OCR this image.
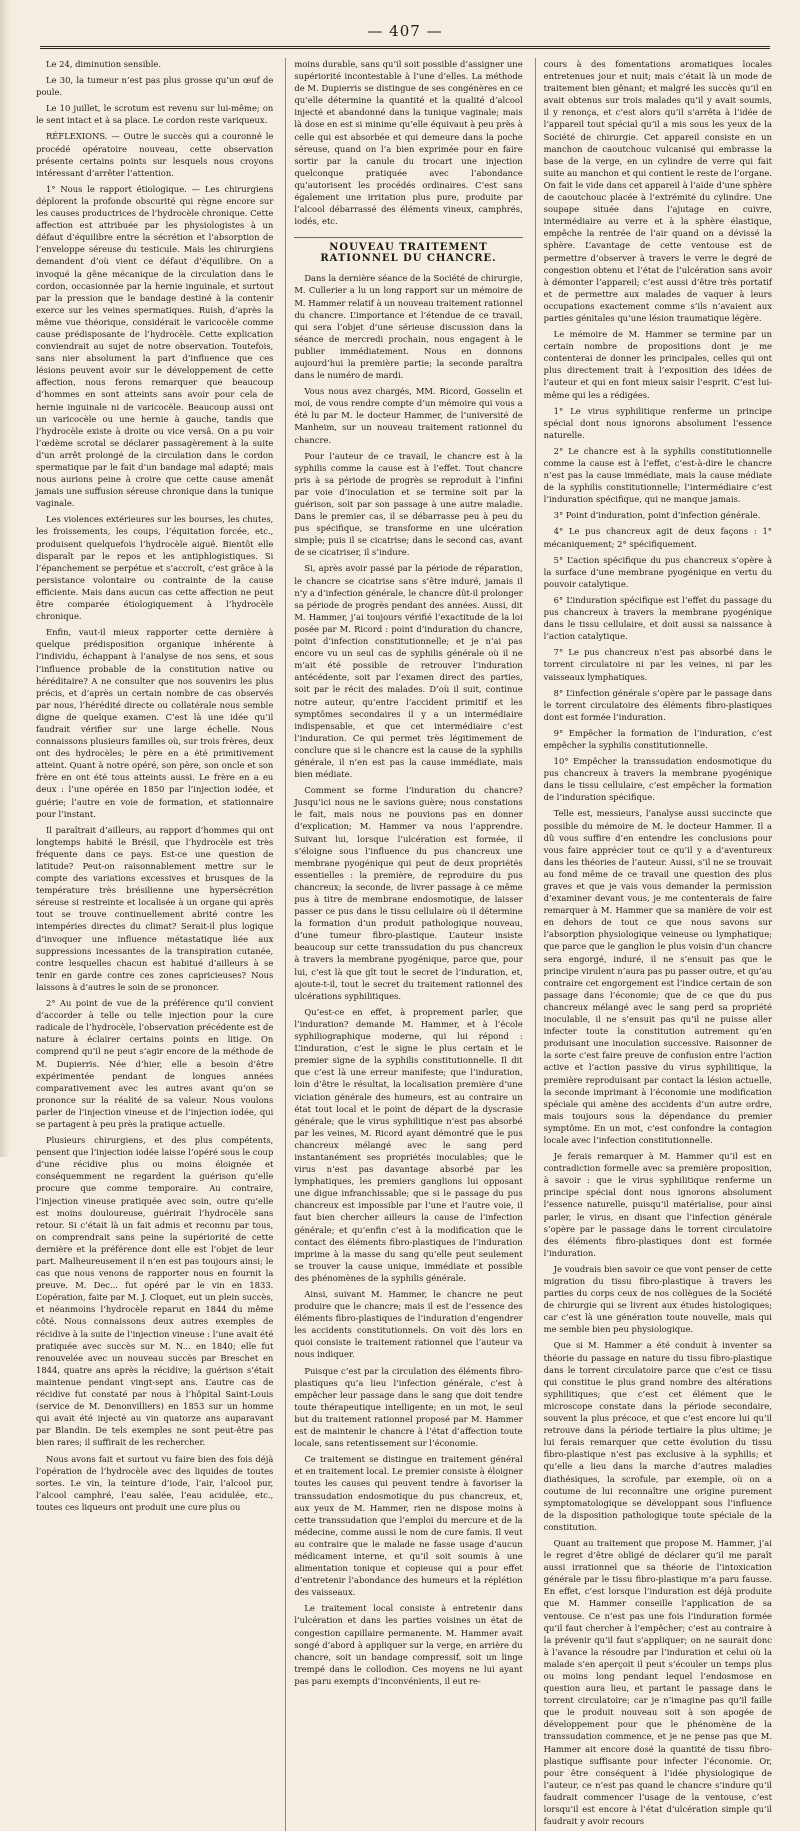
— 407 —

Le 24, diminution sensible.

Le 30, la tumeur n’est pas plus grosse qu’un œuf de poule.

Le 10 juillet, le scrotum est revenu sur lui-même; on le sent intact et à sa place. Le cordon reste variqueux.

RÉFLEXIONS. — Outre le succès qui a couronné le procédé opératoire nouveau, cette observation présente certains points sur lesquels nous croyons intéressant d’arrêter l’attention.

1° Nous le rapport étiologique. — Les chirurgiens déplorent la profonde obscurité qui règne encore sur les causes productrices de l’hydrocèle chronique. Cette affection est attribuée par les physiologistes à un défaut d’équilibre entre la sécrétion et l’absorption de l’enveloppe séreuse du testicule. Mais les chirurgiens demandent d’où vient ce défaut d’équilibre. On a invoqué la gêne mécanique de la circulation dans le cordon, occasionnée par la hernie inguinale, et surtout par la pression que le bandage destiné à la contenir exerce sur les veines spermatiques. Ruish, d’après la même vue théorique, considérait le varicocèle comme cause prédisposante de l’hydrocèle. Cette explication conviendrait au sujet de notre observation. Toutefois, sans nier absolument la part d’influence que ces lésions peuvent avoir sur le développement de cette affection, nous ferons remarquer que beaucoup d’hommes en sont atteints sans avoir pour cela de hernie inguinale ni de varicocèle. Beaucoup aussi ont un varicocèle ou une hernie à gauche, tandis que l’hydrocèle existe à droite ou vice versâ. On a pu voir l’œdème scrotal se déclarer passagèrement à la suite d’un arrêt prolongé de la circulation dans le cordon spermatique par le fait d’un bandage mal adapté; mais nous aurions peine à croire que cette cause amenât jamais une suffusion séreuse chronique dans la tunique vaginale.

Les violences extérieures sur les bourses, les chutes, les froissements, les coups, l’équitation forcée, etc., produisent quelquefois l’hydrocèle aiguë. Bientôt elle disparaît par le repos et les antiphlogistiques. Si l’épanchement se perpétue et s’accroît, c’est grâce à la persistance volontaire ou contrainte de la cause efficiente. Mais dans aucun cas cette affection ne peut être comparée étiologiquement à l’hydrocèle chronique.

Enfin, vaut-il mieux rapporter cette dernière à quelque prédisposition organique inhérente à l’individu, échappant à l’analyse de nos sens, et sous l’influence probable de la constitution native ou héréditaire? A ne consulter que nos souvenirs les plus précis, et d’après un certain nombre de cas observés par nous, l’hérédité directe ou collatérale nous semble digne de quelque examen. C’est là une idée qu’il faudrait vérifier sur une large échelle. Nous connaissons plusieurs familles où, sur trois frères, deux ont des hydrocèles; le père en a été primitivement atteint. Quant à notre opéré, son père, son oncle et son frère en ont été tous atteints aussi. Le frère en a eu deux : l’une opérée en 1850 par l’injection iodée, et guérie; l’autre en voie de formation, et stationnaire pour l’instant.

Il paraîtrait d’ailleurs, au rapport d’hommes qui ont longtemps habité le Brésil, que l’hydrocèle est très fréquente dans ce pays. Est-ce une question de latitude? Peut-on raisonnablement mettre sur le compte des variations excessives et brusques de la température très brésilienne une hypersécrétion séreuse si restreinte et localisée à un organe qui après tout se trouve continuellement abrité contre les intempéries directes du climat? Serait-il plus logique d’invoquer une influence métastatique liée aux suppressions incessantes de la transpiration cutanée, contre lesquelles chacun est habitué d’ailleurs à se tenir en garde contre ces zones capricieuses? Nous laissons à d’autres le soin de se prononcer.

2° Au point de vue de la préférence qu’il convient d’accorder à telle ou telle injection pour la cure radicale de l’hydrocèle, l’observation précédente est de nature à éclairer certains points en litige. On comprend qu’il ne peut s’agir encore de la méthode de M. Dupierris. Née d’hier, elle a besoin d’être expérimentée pendant de longues années comparativement avec les autres avant qu’on se prononce sur la réalité de sa valeur. Nous voulons parler de l’injection vineuse et de l’injection iodée, qui se partagent à peu près la pratique actuelle.

Plusieurs chirurgiens, et des plus compétents, pensent que l’injection iodée laisse l’opéré sous le coup d’une récidive plus ou moins éloignée et conséquemment ne regardent la guérison qu’elle procure que comme temporaire. Au contraire, l’injection vineuse pratiquée avec soin, outre qu’elle est moins douloureuse, guérirait l’hydrocèle sans retour. Si c’était là un fait admis et reconnu par tous, on comprendrait sans peine la supériorité de cette dernière et la préférence dont elle est l’objet de leur part. Malheureusement il n’en est pas toujours ainsi; le cas que nous venons de rapporter nous en fournit la preuve. M. Dec... fut opéré par le vin en 1833. L’opération, faite par M. J. Cloquet, eut un plein succès, et néanmoins l’hydrocèle reparut en 1844 du même côté. Nous connaissons deux autres exemples de récidive à la suite de l’injection vineuse : l’une avait été pratiquée avec succès sur M. N... en 1840; elle fut renouvelée avec un nouveau succès par Breschet en 1844, quatre ans après la récidive; la guérison s’était maintenue pendant vingt-sept ans. L’autre cas de récidive fut constaté par nous à l’hôpital Saint-Louis (service de M. Denonvilliers) en 1853 sur un homme qui avait été injecté au vin quatorze ans auparavant par Blandin. De tels exemples ne sont peut-être pas bien rares; il suffirait de les rechercher.

Nous avons fait et surtout vu faire bien des fois déjà l’opération de l’hydrocèle avec des liquides de toutes sortes. Le vin, la teinture d’iode, l’air, l’alcool pur, l’alcool camphré, l’eau salée, l’eau acidulée, etc., toutes ces liqueurs ont produit une cure plus ou

moins durable, sans qu’il soit possible d’assigner une supériorité incontestable à l’une d’elles. La méthode de M. Dupierris se distingue de ses congénères en ce qu’elle détermine la quantité et la qualité d’alcool injecté et abandonné dans la tunique vaginale; mais là dose en est si minime qu’elle équivaut à peu près à celle qui est absorbée et qui demeure dans la poche séreuse, quand on l’a bien exprimée pour en faire sortir par la canule du trocart une injection quelconque pratiquée avec l’abondance qu’autorisent les procédés ordinaires. C’est sans également une irritation plus pure, produite par l’alcool débarrassé des éléments vineux, camphrés, iodés, etc.

NOUVEAU TRAITEMENT RATIONNEL DU CHANCRE.

Dans la dernière séance de la Société de chirurgie, M. Cullerier a lu un long rapport sur un mémoire de M. Hammer relatif à un nouveau traitement rationnel du chancre. L’importance et l’étendue de ce travail, qui sera l’objet d’une sérieuse discussion dans la séance de mercredi prochain, nous engagent à le publier immédiatement. Nous en donnons aujourd’hui la première partie; la seconde paraîtra dans le numéro de mardi.

Vous nous avez chargés, MM. Ricord, Gosselin et moi, de vous rendre compte d’un mémoire qui vous a été lu par M. le docteur Hammer, de l’université de Manheim, sur un nouveau traitement rationnel du chancre.

Pour l’auteur de ce travail, le chancre est à la syphilis comme la cause est à l’effet. Tout chancre pris à sa période de progrès se reproduit à l’infini par voie d’inoculation et se termine soit par la guérison, soit par son passage à une autre maladie. Dans le premier cas, il se débarrasse peu à peu du pus spécifique, se transforme en une ulcération simple; puis il se cicatrise; dans le second cas, avant de se cicatriser, il s’indure.

Si, après avoir passé par la période de réparation, le chancre se cicatrise sans s’être induré, jamais il n’y a d’infection générale, le chancre dût-il prolonger sa période de progrès pendant des années. Aussi, dit M. Hammer, j’ai toujours vérifié l’exactitude de la loi posée par M. Ricord : point d’induration du chancre, point d’infection constitutionnelle; et je n’ai pas encore vu un seul cas de syphilis générale où il ne m’ait été possible de retrouver l’induration antécédente, soit par l’examen direct des parties, soit par le récit des malades. D’où il suit, continue notre auteur, qu’entre l’accident primitif et les symptômes secondaires il y a un intermédiaire indispensable, et que cet intermédiaire c’est l’induration. Ce qui permet très légitimement de conclure que si le chancre est la cause de la syphilis générale, il n’en est pas la cause immédiate, mais bien médiate.

Comment se forme l’induration du chancre? Jusqu’ici nous ne le savions guère; nous constations le fait, mais nous ne pouvions pas en donner d’explication; M. Hammer va nous l’apprendre. Suivant lui, lorsque l’ulcération est formée, il s’éloigne sous l’influence du pus chancreux une membrane pyogénique qui peut de deux propriétés essentielles : la première, de reproduire du pus chancreux; la seconde, de livrer passage à ce même pus à titre de membrane endosmotique, de laisser passer ce pus dans le tissu cellulaire où il détermine la formation d’un produit pathologique nouveau, d’une tumeur fibro-plastique. L’auteur insiste beaucoup sur cette transsudation du pus chancreux à travers la membrane pyogénique, parce que, pour lui, c’est là que gît tout le secret de l’induration, et, ajoute-t-il, tout le secret du traitement rationnel des ulcérations syphilitiques.

Qu’est-ce en effet, à proprement parler, que l’induration? demande M. Hammer, et à l’école syphiliographique moderne, qui lui répond : L’induration, c’est le signe le plus certain et le premier signe de la syphilis constitutionnelle. Il dit que c’est là une erreur manifeste; que l’induration, loin d’être le résultat, la localisation première d’une viciation générale des humeurs, est au contraire un état tout local et le point de départ de la dyscrasie générale; que le virus syphilitique n’est pas absorbé par les veines, M. Ricord ayant démontré que le pus chancreux mélangé avec le sang perd instantanément ses propriétés inoculables; que le virus n’est pas davantage absorbé par les lymphatiques, les premiers ganglions lui opposant une digue infranchissable; que si le passage du pus chancreux est impossible par l’une et l’autre voie, il faut bien chercher ailleurs la cause de l’infection générale; et qu’enfin c’est à la modification que le contact des éléments fibro-plastiques de l’induration imprime à la masse du sang qu’elle peut seulement se trouver la cause unique, immédiate et possible des phénomènes de la syphilis générale.

Ainsi, suivant M. Hammer, le chancre ne peut produire que le chancre; mais il est de l’essence des éléments fibro-plastiques de l’induration d’engendrer les accidents constitutionnels. On voit dès lors en quoi consiste le traitement rationnel que l’auteur va nous indiquer.

Puisque c’est par la circulation des éléments fibro-plastiques qu’a lieu l’infection générale, c’est à empêcher leur passage dans le sang que doit tendre toute thérapeutique intelligente; en un mot, le seul but du traitement rationnel proposé par M. Hammer est de maintenir le chancre à l’état d’affection toute locale, sans retentissement sur l’économie.

Ce traitement se distingue en traitement général et en traitement local. Le premier consiste à éloigner toutes les causes qui peuvent tendre à favoriser la transsudation endosmotique du pus chancreux, et, aux yeux de M. Hammer, rien ne dispose moins à cette transsudation que l’emploi du mercure et de la médecine, comme aussi le nom de cure famis. Il veut au contraire que le malade ne fasse usage d’aucun médicament interne, et qu’il soit soumis à une alimentation tonique et copieuse qui a pour effet d’entretenir l’abondance des humeurs et la réplétion des vaisseaux.

Le traitement local consiste à entretenir dans l’ulcération et dans les parties voisines un état de congestion capillaire permanente. M. Hammer avait songé d’abord à appliquer sur la verge, en arrière du chancre, soit un bandage compressif, soit un linge trempé dans le collodion. Ces moyens ne lui ayant pas paru exempts d’inconvénients, il eut re-

cours à des fomentations aromatiques locales entretenues jour et nuit; mais c’était là un mode de traitement bien gênant; et malgré les succès qu’il en avait obtenus sur trois malades qu’il y avait soumis, il y renonça, et c’est alors qu’il s’arrêta à l’idée de l’appareil tout spécial qu’il a mis sous les yeux de la Société de chirurgie. Cet appareil consiste en un manchon de caoutchouc vulcanisé qui embrasse la base de la verge, en un cylindre de verre qui fait suite au manchon et qui contient le reste de l’organe. On fait le vide dans cet appareil à l’aide d’une sphère de caoutchouc placée à l’extrémité du cylindre. Une soupape située dans l’ajutage en cuivre, intermédiaire au verre et à la sphère élastique, empêche la rentrée de l’air quand on a dévissé la sphère. L’avantage de cette ventouse est de permettre d’observer à travers le verre le degré de congestion obtenu et l’état de l’ulcération sans avoir à démonter l’appareil; c’est aussi d’être très portatif et de permettre aux malades de vaquer à leurs occupations exactement comme s’ils n’avaient aux parties génitales qu’une lésion traumatique légère.

Le mémoire de M. Hammer se termine par un certain nombre de propositions dont je me contenterai de donner les principales, celles qui ont plus directement trait à l’exposition des idées de l’auteur et qui en font mieux saisir l’esprit. C’est lui-même qui les a rédigées.

1° Le virus syphilitique renferme un principe spécial dont nous ignorons absolument l’essence naturelle.

2° Le chancre est à la syphilis constitutionnelle comme la cause est à l’effet, c’est-à-dire le chancre n’est pas la cause immédiate, mais la cause médiate de la syphilis constitutionnelle; l’intermédiaire c’est l’induration spécifique, qui ne manque jamais.

3° Point d’induration, point d’infection générale.

4° Le pus chancreux agit de deux façons : 1° mécaniquement; 2° spécifiquement.

5° L’action spécifique du pus chancreux s’opère à la surface d’une membrane pyogénique en vertu du pouvoir catalytique.

6° L’induration spécifique est l’effet du passage du pus chancreux à travers la membrane pyogénique dans le tissu cellulaire, et doit aussi sa naissance à l’action catalytique.

7° Le pus chancreux n’est pas absorbé dans le torrent circulatoire ni par les veines, ni par les vaisseaux lymphatiques.

8° L’infection générale s’opère par le passage dans le torrent circulatoire des éléments fibro-plastiques dont est formée l’induration.

9° Empêcher la formation de l’induration, c’est empêcher la syphilis constitutionnelle.

10° Empêcher la transsudation endosmotique du pus chancreux à travers la membrane pyogénique dans le tissu cellulaire, c’est empêcher la formation de l’induration spécifique.

Telle est, messieurs, l’analyse aussi succincte que possible du mémoire de M. le docteur Hammer. Il a dû vous suffire d’en entendre les conclusions pour vous faire apprécier tout ce qu’il y a d’aventureux dans les théories de l’auteur. Aussi, s’il ne se trouvait au fond même de ce travail une question des plus graves et que je vais vous demander la permission d’examiner devant vous, je me contenterais de faire remarquer à M. Hammer que sa manière de voir est en dehors de tout ce que nous savons sur l’absorption physiologique veineuse ou lymphatique; que parce que le ganglion le plus voisin d’un chancre sera engorgé, induré, il ne s’ensuit pas que le principe virulent n’aura pas pu passer outre, et qu’au contraire cet engorgement est l’indice certain de son passage dans l’économie; que de ce que du pus chancreux mélangé avec le sang perd sa propriété inoculable, il ne s’ensuit pas qu’il ne puisse aller infecter toute la constitution autrement qu’en produisant une inoculation successive. Raisonner de la sorte c’est faire preuve de confusion entre l’action active et l’action passive du virus syphilitique, la première reproduisant par contact la lésion actuelle, la seconde imprimant à l’économie une modification spéciale qui amène des accidents d’un autre ordre, mais toujours sous la dépendance du premier symptôme. En un mot, c’est confondre la contagion locale avec l’infection constitutionnelle.

Je ferais remarquer à M. Hammer qu’il est en contradiction formelle avec sa première proposition, à savoir : que le virus syphilitique renferme un principe spécial dont nous ignorons absolument l’essence naturelle, puisqu’il matérialise, pour ainsi parler, le virus, en disant que l’infection générale s’opère par le passage dans le torrent circulatoire des éléments fibro-plastiques dont est formée l’induration.

Je voudrais bien savoir ce que vont penser de cette migration du tissu fibro-plastique à travers les parties du corps ceux de nos collègues de la Société de chirurgie qui se livrent aux études histologiques; car c’est là une génération toute nouvelle, mais qui me semble bien peu physiologique.

Que si M. Hammer a été conduit à inventer sa théorie du passage en nature du tissu fibro-plastique dans le torrent circulatoire parce que c’est ce tissu qui constitue le plus grand nombre des altérations syphilitiques; que c’est cet élément que le microscope constate dans la période secondaire, souvent la plus précoce, et que c’est encore lui qu’il retrouve dans la période tertiaire la plus ultime; je lui ferais remarquer que cette évolution du tissu fibro-plastique n’est pas exclusive à la syphilis; et qu’elle a lieu dans la marche d’autres maladies diathésiques, la scrofule, par exemple, où on a coutume de lui reconnaître une origine purement symptomatologique se développant sous l’influence de la disposition pathologique toute spéciale de la constitution.

Quant au traitement que propose M. Hammer, j’ai le regret d’être obligé de déclarer qu’il me paraît aussi irrationnel que sa théorie de l’intoxication générale par le tissu fibro-plastique m’a paru fausse. En effet, c’est lorsque l’induration est déjà produite que M. Hammer conseille l’application de sa ventouse. Ce n’est pas une fois l’induration formée qu’il faut chercher à l’empêcher; c’est au contraire à la prévenir qu’il faut s’appliquer; on ne saurait donc à l’avance la résoudre par l’induration et celui où la malade s’en aperçoit il peut s’écouler un temps plus ou moins long pendant lequel l’endosmose en question aura lieu, et partant le passage dans le torrent circulatoire; car je n’imagine pas qu’il faille que le produit nouveau soit à son apogée de développement pour que le phénomène de la transsudation commence, et je ne pense pas que M. Hammer ait encore dosé la quantité de tissu fibro-plastique suffisante pour infecter l’économie. Or, pour être conséquent à l’idée physiologique de l’auteur, ce n’est pas quand le chancre s’indure qu’il faudrait commencer l’usage de la ventouse, c’est lorsqu’il est encore à l’état d’ulcération simple qu’il faudrait y avoir recours
